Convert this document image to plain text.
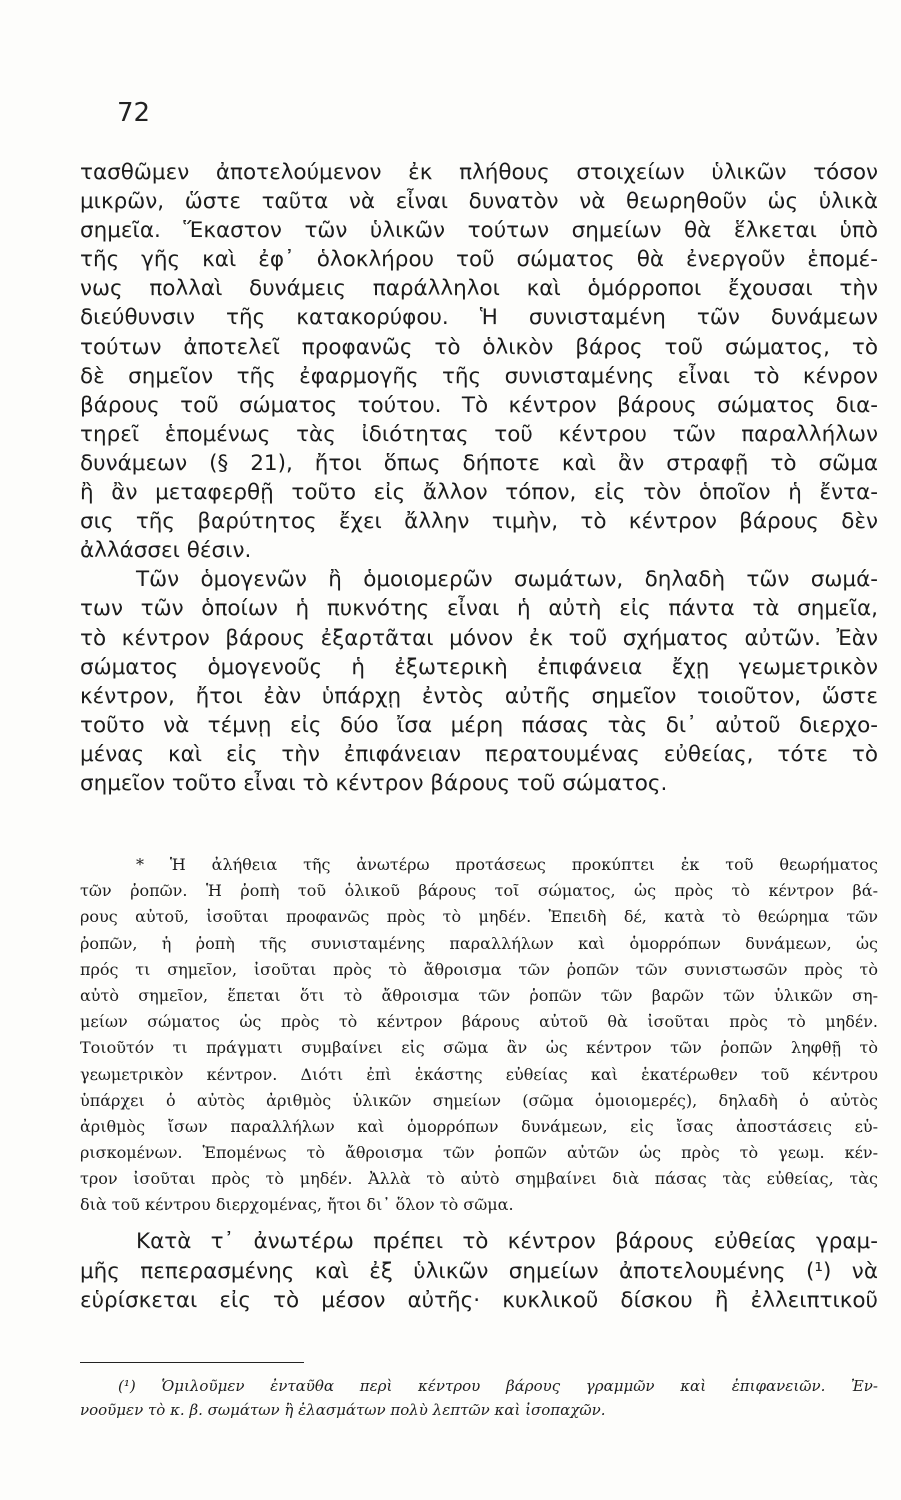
72
τασθῶμεν ἀποτελούμενον ἐκ πλήθους στοιχείων ὑλικῶν τόσον
μικρῶν, ὥστε ταῦτα νὰ εἶναι δυνατὸν νὰ θεωρηθοῦν ὡς ὑλικὰ
σημεῖα. Ἕκαστον τῶν ὑλικῶν τούτων σημείων θὰ ἕλκεται ὑπὸ
τῆς γῆς καὶ ἐφ᾽ ὁλοκλήρου τοῦ σώματος θὰ ἐνεργοῦν ἑπομέ-
νως πολλαὶ δυνάμεις παράλληλοι καὶ ὁμόρροποι ἔχουσαι τὴν
διεύθυνσιν τῆς κατακορύφου. Ἡ συνισταμένη τῶν δυνάμεων
τούτων ἀποτελεῖ προφανῶς τὸ ὁλικὸν βάρος τοῦ σώματος, τὸ
δὲ σημεῖον τῆς ἐφαρμογῆς τῆς συνισταμένης εἶναι τὸ κένρον
βάρους τοῦ σώματος τούτου. Τὸ κέντρον βάρους σώματος δια-
τηρεῖ ἑπομένως τὰς ἰδιότητας τοῦ κέντρου τῶν παραλλήλων
δυνάμεων (§ 21), ἤτοι ὅπως δήποτε καὶ ἂν στραφῇ τὸ σῶμα
ἢ ἂν μεταφερθῇ τοῦτο εἰς ἄλλον τόπον, εἰς τὸν ὁποῖον ἡ ἔντα-
σις τῆς βαρύτητος ἔχει ἄλλην τιμὴν, τὸ κέντρον βάρους δὲν
ἀλλάσσει θέσιν.
Τῶν ὁμογενῶν ἢ ὁμοιομερῶν σωμάτων, δηλαδὴ τῶν σωμά-
των τῶν ὁποίων ἡ πυκνότης εἶναι ἡ αὐτὴ εἰς πάντα τὰ σημεῖα,
τὸ κέντρον βάρους ἐξαρτᾶται μόνον ἐκ τοῦ σχήματος αὐτῶν. Ἐὰν
σώματος ὁμογενοῦς ἡ ἐξωτερικὴ ἐπιφάνεια ἔχῃ γεωμετρικὸν
κέντρον, ἤτοι ἐὰν ὑπάρχῃ ἐντὸς αὐτῆς σημεῖον τοιοῦτον, ὥστε
τοῦτο νὰ τέμνῃ εἰς δύο ἴσα μέρη πάσας τὰς δι᾽ αὐτοῦ διερχο-
μένας καὶ εἰς τὴν ἐπιφάνειαν περατουμένας εὐθείας, τότε τὸ
σημεῖον τοῦτο εἶναι τὸ κέντρον βάρους τοῦ σώματος.
* Ἡ ἀλήθεια τῆς ἀνωτέρω προτάσεως προκύπτει ἐκ τοῦ θεωρήματος
τῶν ῥοπῶν. Ἡ ῥοπὴ τοῦ ὁλικοῦ βάρους τοῖ σώματος, ὡς πρὸς τὸ κέντρον βά-
ρους αὐτοῦ, ἰσοῦται προφανῶς πρὸς τὸ μηδέν. Ἐπειδὴ δέ, κατὰ τὸ θεώρημα τῶν
ῥοπῶν, ἡ ῥοπὴ τῆς συνισταμένης παραλλήλων καὶ ὁμορρόπων δυνάμεων, ὡς
πρός τι σημεῖον, ἰσοῦται πρὸς τὸ ἄθροισμα τῶν ῥοπῶν τῶν συνιστωσῶν πρὸς τὸ
αὐτὸ σημεῖον, ἕπεται ὅτι τὸ ἄθροισμα τῶν ῥοπῶν τῶν βαρῶν τῶν ὑλικῶν ση-
μείων σώματος ὡς πρὸς τὸ κέντρον βάρους αὐτοῦ θὰ ἰσοῦται πρὸς τὸ μηδέν.
Τοιοῦτόν τι πράγματι συμβαίνει εἰς σῶμα ἂν ὡς κέντρον τῶν ῥοπῶν ληφθῇ τὸ
γεωμετρικὸν κέντρον. Διότι ἐπὶ ἑκάστης εὐθείας καὶ ἑκατέρωθεν τοῦ κέντρου
ὑπάρχει ὁ αὐτὸς ἀριθμὸς ὑλικῶν σημείων (σῶμα ὁμοιομερές), δηλαδὴ ὁ αὐτὸς
ἀριθμὸς ἴσων παραλλήλων καὶ ὁμορρόπων δυνάμεων, εἰς ἴσας ἀποστάσεις εὑ-
ρισκομένων. Ἑπομένως τὸ ἄθροισμα τῶν ῥοπῶν αὐτῶν ὡς πρὸς τὸ γεωμ. κέν-
τρον ἰσοῦται πρὸς τὸ μηδέν. Ἀλλὰ τὸ αὐτὸ σημβαίνει διὰ πάσας τὰς εὐθείας, τὰς
διὰ τοῦ κέντρου διερχομένας, ἤτοι δι᾽ ὅλον τὸ σῶμα.
Κατὰ τ᾽ ἀνωτέρω πρέπει τὸ κέντρον βάρους εὐθείας γραμ-
μῆς πεπερασμένης καὶ ἐξ ὑλικῶν σημείων ἀποτελουμένης (¹) νὰ
εὑρίσκεται εἰς τὸ μέσον αὐτῆς· κυκλικοῦ δίσκου ἢ ἐλλειπτικοῦ
(¹) Ὁμιλοῦμεν ἐνταῦθα περὶ κέντρου βάρους γραμμῶν καὶ ἐπιφανειῶν. Ἐν-
νοοῦμεν τὸ κ. β. σωμάτων ἢ ἐλασμάτων πολὺ λεπτῶν καὶ ἰσοπαχῶν.
